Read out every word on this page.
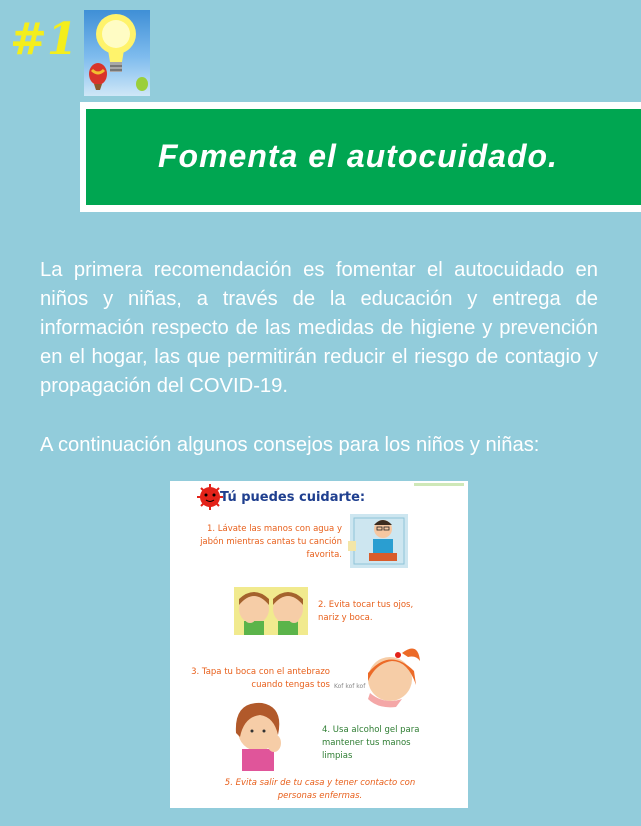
#1
Fomenta el autocuidado.

La primera recomendación es fomentar el autocuidado en niños y niñas, a través de la educación y entrega de información respecto de las medidas de higiene y prevención en el hogar, las que permitirán reducir el riesgo de contagio y propagación del COVID-19.

A continuación algunos consejos para los niños y niñas:

Kof kof kof
Tú puedes cuidarte:
1. Lávate las manos con agua y jabón mientras cantas tu canción favorita.
2. Evita tocar tus ojos, nariz y boca.
3. Tapa tu boca con el antebrazo cuando tengas tos
4. Usa alcohol gel para mantener tus manos limpias
5. Evita salir de tu casa y tener contacto con personas enfermas.
